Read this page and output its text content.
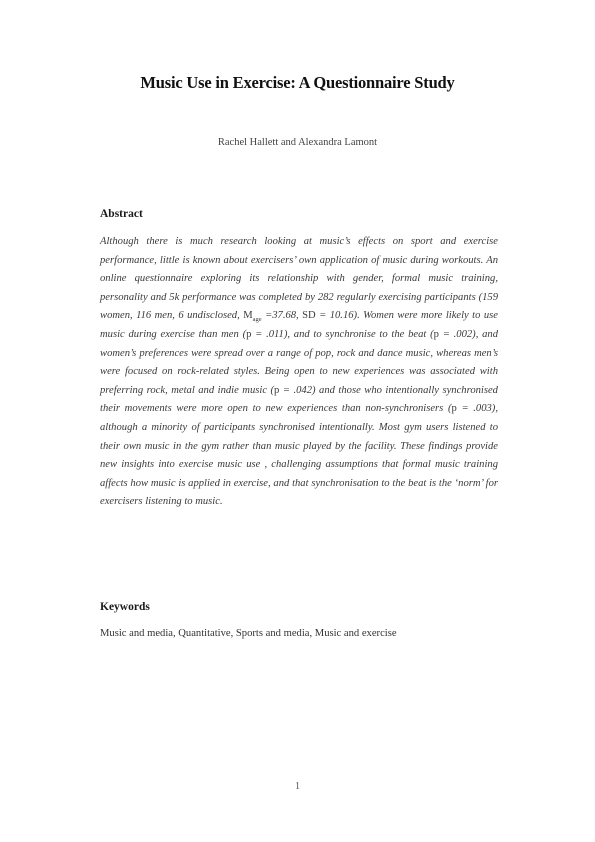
Music Use in Exercise: A Questionnaire Study

Rachel Hallett and Alexandra Lamont

Abstract

Although there is much research looking at music’s effects on sport and exercise performance, little is known about exercisers’ own application of music during workouts. An online questionnaire exploring its relationship with gender, formal music training, personality and 5k performance was completed by 282 regularly exercising participants (159 women, 116 men, 6 undisclosed, $M_{age} =37.68$, SD = 10.16). Women were more likely to use music during exercise than men (p = .011), and to synchronise to the beat (p = .002), and women’s preferences were spread over a range of pop, rock and dance music, whereas men’s were focused on rock-related styles. Being open to new experiences was associated with preferring rock, metal and indie music (p = .042) and those who intentionally synchronised their movements were more open to new experiences than non-synchronisers (p = .003), although a minority of participants synchronised intentionally. Most gym users listened to their own music in the gym rather than music played by the facility. These findings provide new insights into exercise music use , challenging assumptions that formal music training affects how music is applied in exercise, and that synchronisation to the beat is the ‘norm’ for exercisers listening to music.

Keywords

Music and media, Quantitative, Sports and media, Music and exercise

1
